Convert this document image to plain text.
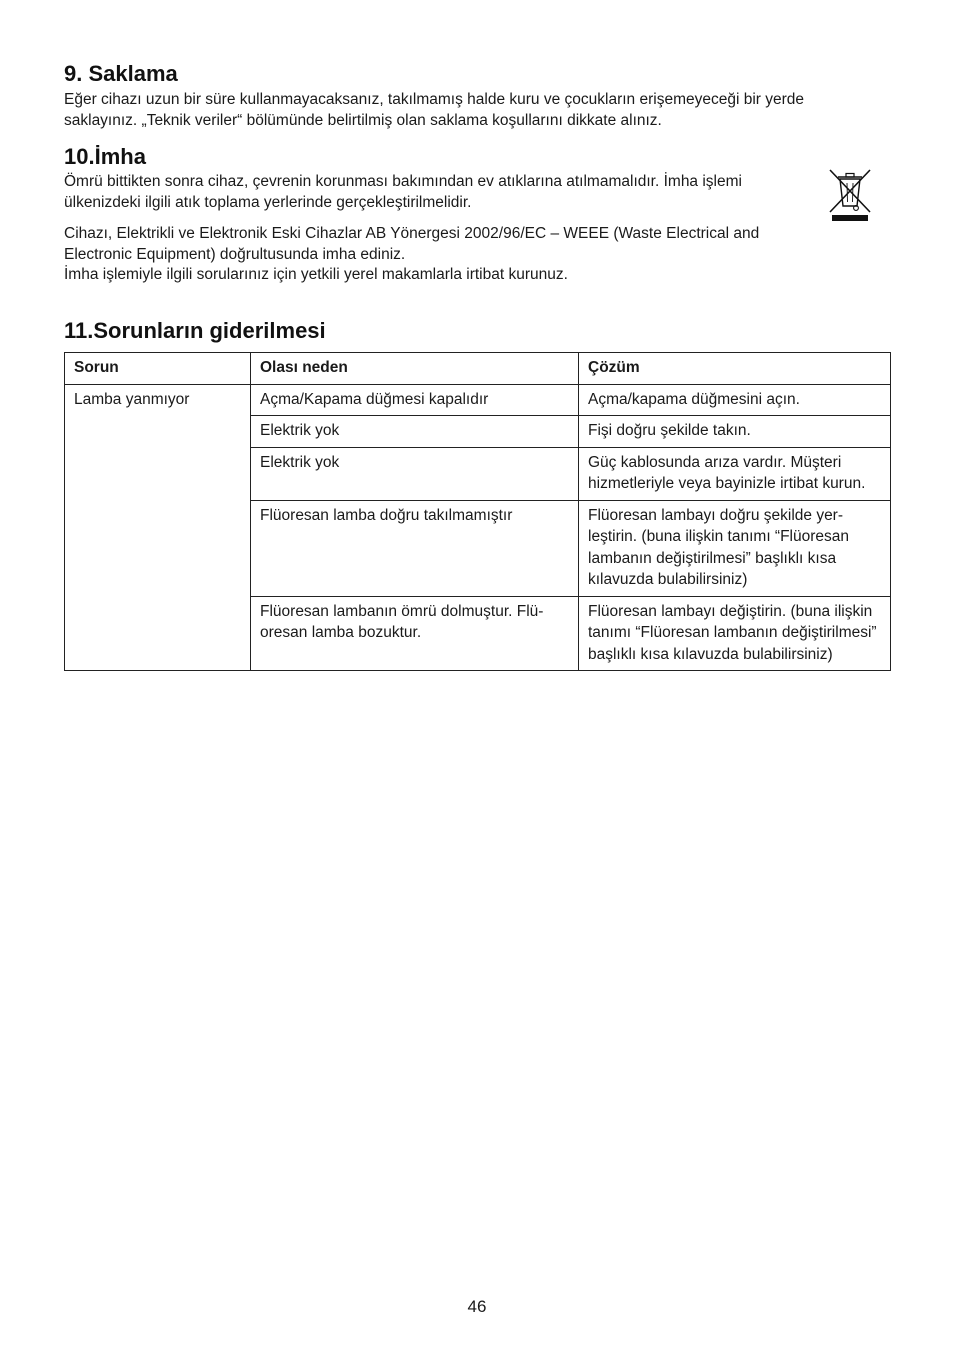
9. Saklama

Eğer cihazı uzun bir süre kullanmayacaksanız, takılmamış halde kuru ve çocukların erişemeyeceği bir yerde saklayınız. „Teknik veriler“ bölümünde belirtilmiş olan saklama koşullarını dikkate alınız.

10.İmha

Ömrü bittikten sonra cihaz, çevrenin korunması bakımından ev atıklarına atılmamalıdır. İmha işlemi ülkenizdeki ilgili atık toplama yerlerinde gerçekleştirilmelidir.

Cihazı, Elektrikli ve Elektronik Eski Cihazlar AB Yönergesi 2002/96/EC – WEEE (Waste Electrical and Electronic Equipment) doğrultusunda imha ediniz.

İmha işlemiyle ilgili sorularınız için yetkili yerel makamlarla irtibat kurunuz.

11.Sorunların giderilmesi
Sorun	Olası neden	Çözüm
Lamba yanmıyor	Açma/Kapama düğmesi kapalıdır	Açma/kapama düğmesini açın.
	Elektrik yok	Fişi doğru şekilde takın.
	Elektrik yok	Güç kablosunda arıza vardır. Müşteri hizmetleriyle veya bayinizle irtibat kurun.
	Flüoresan lamba doğru takılmamıştır	Flüoresan lambayı doğru şekilde yer-leştirin. (buna ilişkin tanımı “Flüoresan lambanın değiştirilmesi” başlıklı kısa kılavuzda bulabilirsiniz)
	Flüoresan lambanın ömrü dolmuştur. Flü-oresan lamba bozuktur.	Flüoresan lambayı değiştirin. (buna ilişkin tanımı “Flüoresan lambanın değiştirilmesi” başlıklı kısa kılavuzda bulabilirsiniz)
46
